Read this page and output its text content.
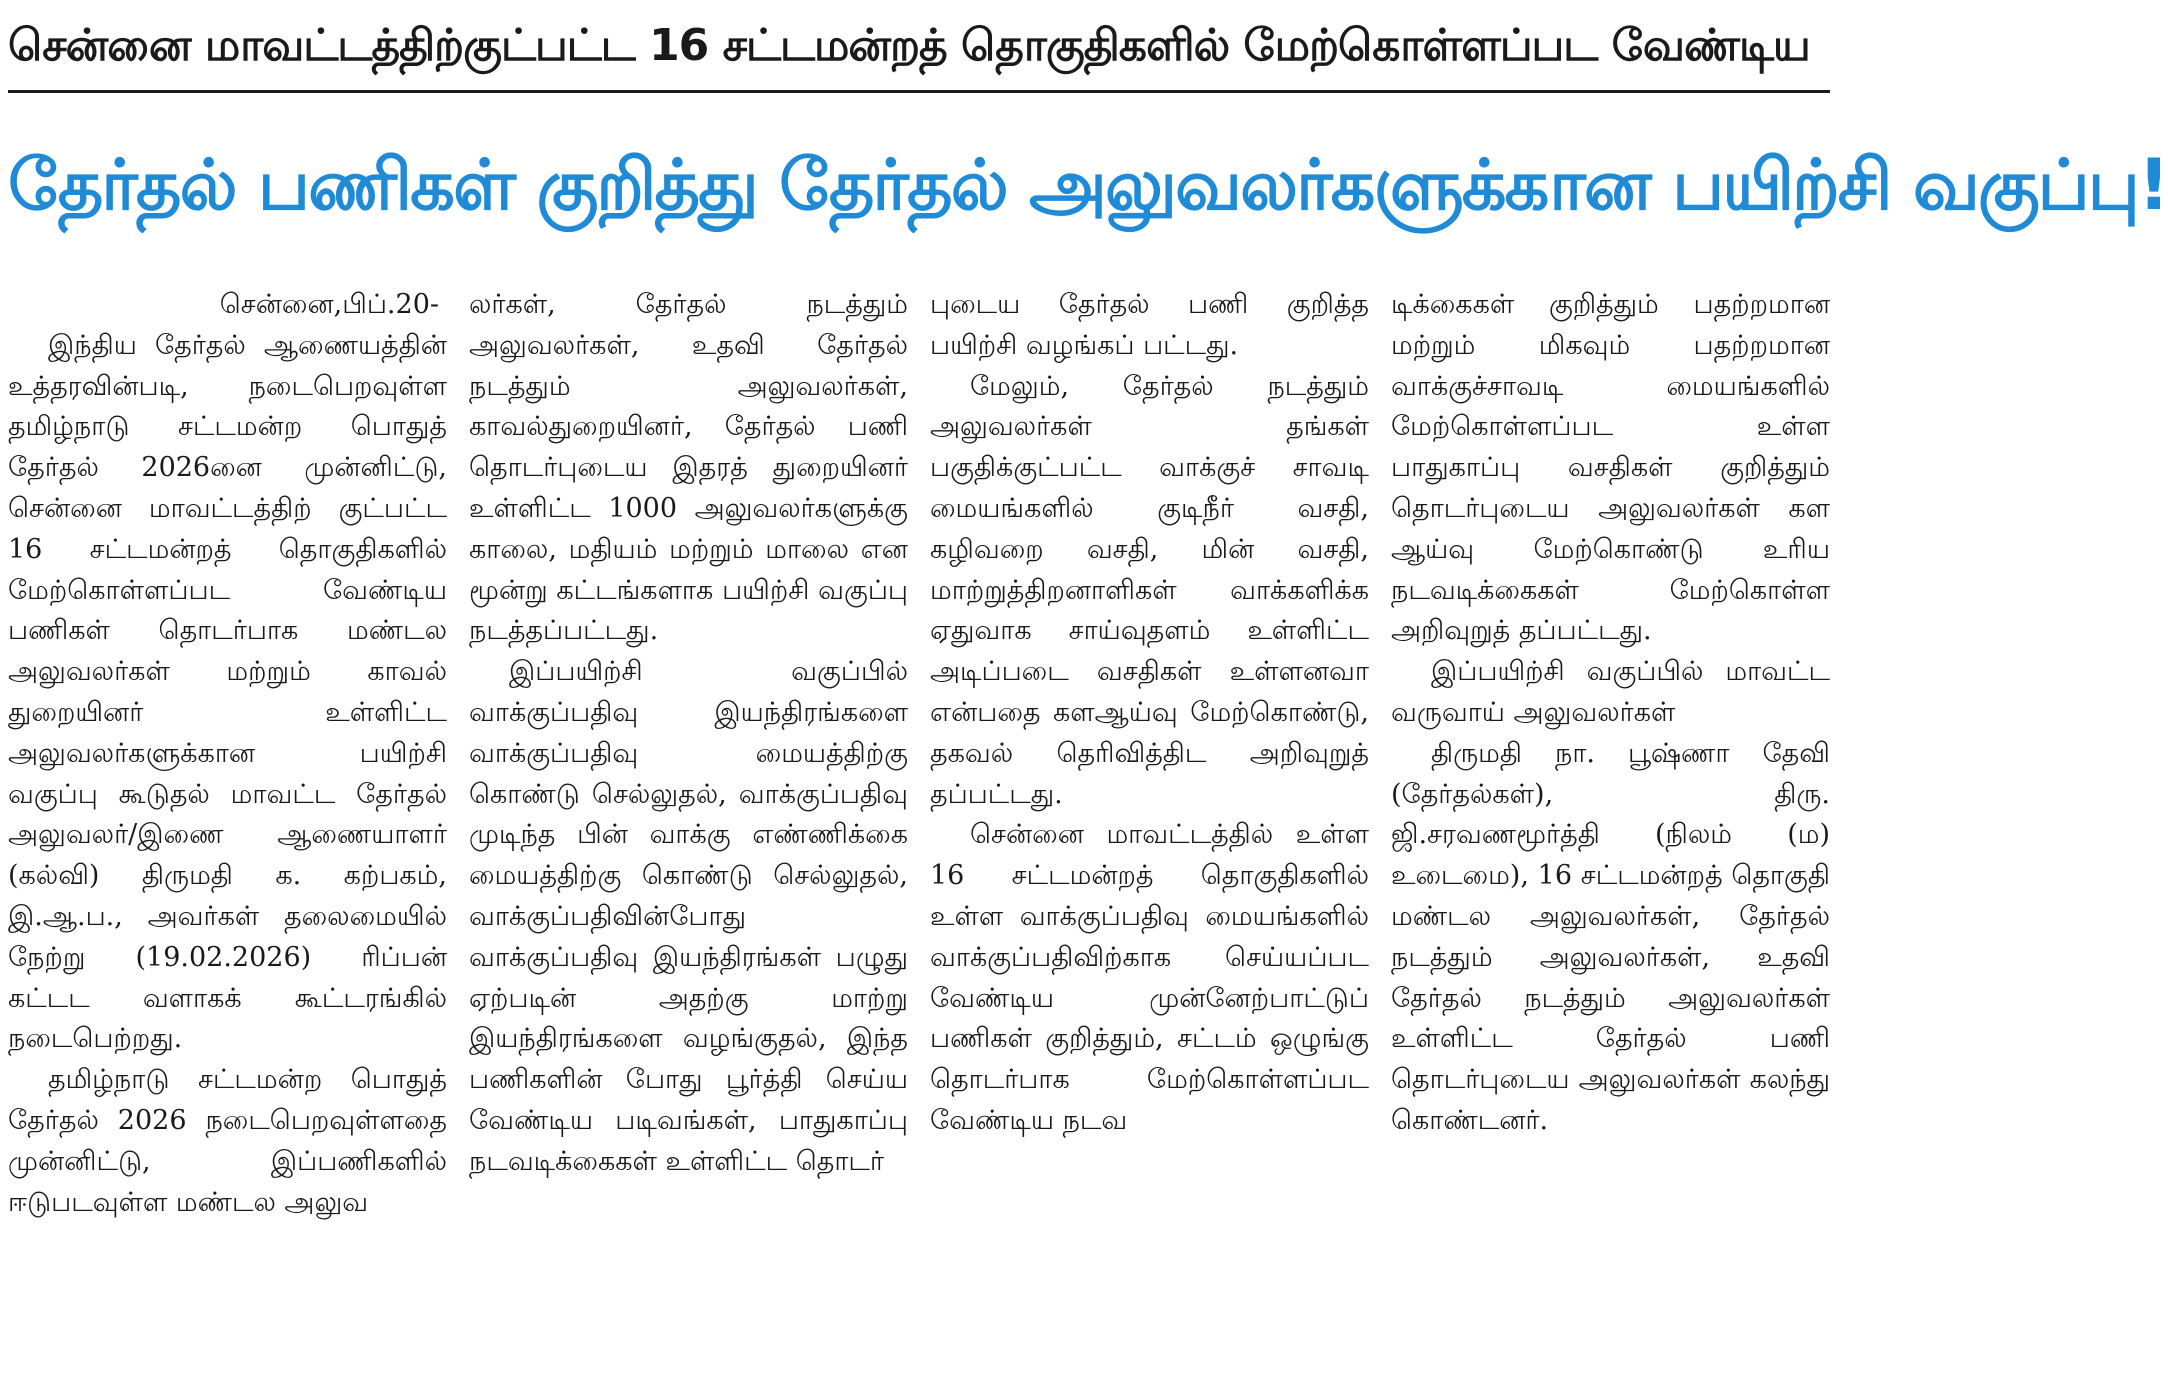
சென்னை மாவட்டத்திற்குட்பட்ட 16 சட்டமன்றத் தொகுதிகளில் மேற்கொள்ளப்பட வேண்டிய
தேர்தல் பணிகள் குறித்து தேர்தல் அலுவலர்களுக்கான பயிற்சி வகுப்பு!

சென்னை,பிப்.20-

இந்திய தேர்தல் ஆணையத்தின் உத்தரவின்படி, நடைபெறவுள்ள தமிழ்நாடு சட்டமன்ற பொதுத் தேர்தல் 2026னை முன்னிட்டு, சென்னை மாவட்டத்திற் குட்பட்ட 16 சட்டமன்றத் தொகுதிகளில் மேற்கொள்ளப்பட வேண்டிய பணிகள் தொடர்பாக மண்டல அலுவலர்கள் மற்றும் காவல் துறையினர் உள்ளிட்ட அலுவலர்களுக்கான பயிற்சி வகுப்பு கூடுதல் மாவட்ட தேர்தல் அலுவலர்/இணை ஆணையாளர் (கல்வி) திருமதி க. கற்பகம், இ.ஆ.ப., அவர்கள் தலைமையில் நேற்று (19.02.2026) ரிப்பன் கட்டட வளாகக் கூட்டரங்கில் நடைபெற்றது.

தமிழ்நாடு சட்டமன்ற பொதுத் தேர்தல் 2026 நடைபெறவுள்ளதை முன்னிட்டு, இப்பணிகளில் ஈடுபடவுள்ள மண்டல அலுவ

லர்கள், தேர்தல் நடத்தும் அலுவலர்கள், உதவி தேர்தல் நடத்தும் அலுவலர்கள், காவல்துறையினர், தேர்தல் பணி தொடர்புடைய இதரத் துறையினர் உள்ளிட்ட 1000 அலுவலர்களுக்கு காலை, மதியம் மற்றும் மாலை என மூன்று கட்டங்களாக பயிற்சி வகுப்பு நடத்தப்பட்டது.

இப்பயிற்சி வகுப்பில் வாக்குப்பதிவு இயந்திரங்களை வாக்குப்பதிவு மையத்திற்கு கொண்டு செல்லுதல், வாக்குப்பதிவு முடிந்த பின் வாக்கு எண்ணிக்கை மையத்திற்கு கொண்டு செல்லுதல், வாக்குப்பதிவின்போது வாக்குப்பதிவு இயந்திரங்கள் பழுது ஏற்படின் அதற்கு மாற்று இயந்திரங்களை வழங்குதல், இந்த பணிகளின் போது பூர்த்தி செய்ய வேண்டிய படிவங்கள், பாதுகாப்பு நடவடிக்கைகள் உள்ளிட்ட தொடர்

புடைய தேர்தல் பணி குறித்த பயிற்சி வழங்கப் பட்டது.

மேலும், தேர்தல் நடத்தும் அலுவலர்கள் தங்கள் பகுதிக்குட்பட்ட வாக்குச் சாவடி மையங்களில் குடிநீர் வசதி, கழிவறை வசதி, மின் வசதி, மாற்றுத்திறனாளிகள் வாக்களிக்க ஏதுவாக சாய்வுதளம் உள்ளிட்ட அடிப்படை வசதிகள் உள்ளனவா என்பதை களஆய்வு மேற்கொண்டு, தகவல் தெரிவித்திட அறிவுறுத் தப்பட்டது.

சென்னை மாவட்டத்தில் உள்ள 16 சட்டமன்றத் தொகுதிகளில் உள்ள வாக்குப்பதிவு மையங்களில் வாக்குப்பதிவிற்காக செய்யப்பட வேண்டிய முன்னேற்பாட்டுப் பணிகள் குறித்தும், சட்டம் ஒழுங்கு தொடர்பாக மேற்கொள்ளப்பட வேண்டிய நடவ

டிக்கைகள் குறித்தும் பதற்றமான மற்றும் மிகவும் பதற்றமான வாக்குச்சாவடி மையங்களில் மேற்கொள்ளப்பட உள்ள பாதுகாப்பு வசதிகள் குறித்தும் தொடர்புடைய அலுவலர்கள் கள ஆய்வு மேற்கொண்டு உரிய நடவடிக்கைகள் மேற்கொள்ள அறிவுறுத் தப்பட்டது.

இப்பயிற்சி வகுப்பில் மாவட்ட வருவாய் அலுவலர்கள்

திருமதி நா. பூஷ்ணா தேவி (தேர்தல்கள்), திரு. ஜி.சரவணமூர்த்தி (நிலம் (ம) உடைமை), 16 சட்டமன்றத் தொகுதி மண்டல அலுவலர்கள், தேர்தல் நடத்தும் அலுவலர்கள், உதவி தேர்தல் நடத்தும் அலுவலர்கள் உள்ளிட்ட தேர்தல் பணி தொடர்புடைய அலுவலர்கள் கலந்து கொண்டனர்.
